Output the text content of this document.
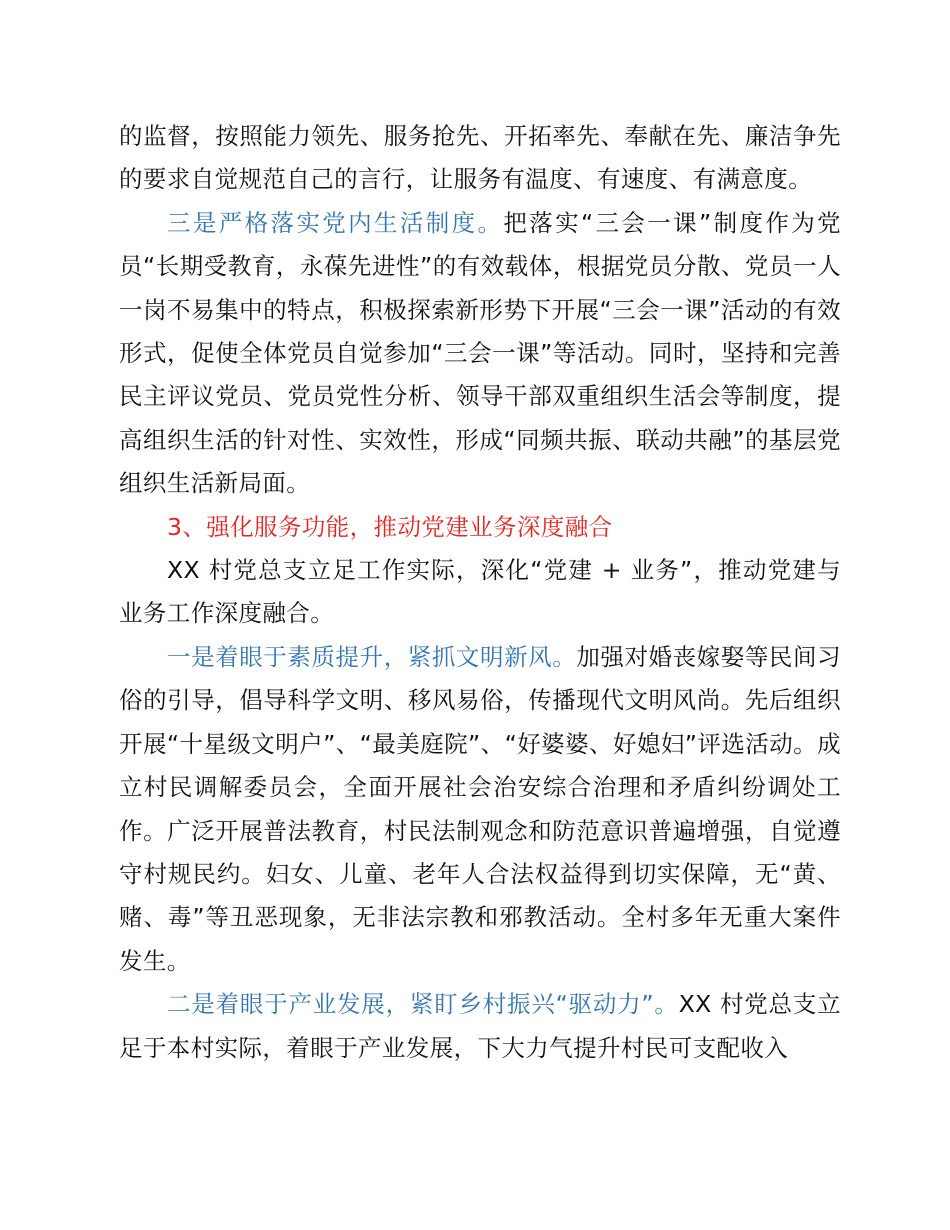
的监督，按照能力领先、服务抢先、开拓率先、奉献在先、廉洁争先的要求自觉规范自己的言行，让服务有温度、有速度、有满意度。

三是严格落实党内生活制度。把落实“三会一课”制度作为党员“长期受教育，永葆先进性”的有效载体，根据党员分散、党员一人一岗不易集中的特点，积极探索新形势下开展“三会一课”活动的有效形式，促使全体党员自觉参加“三会一课”等活动。同时，坚持和完善民主评议党员、党员党性分析、领导干部双重组织生活会等制度，提高组织生活的针对性、实效性，形成“同频共振、联动共融”的基层党组织生活新局面。

3、强化服务功能，推动党建业务深度融合

XX 村党总支立足工作实际，深化“党建 + 业务”，推动党建与业务工作深度融合。

一是着眼于素质提升，紧抓文明新风。加强对婚丧嫁娶等民间习俗的引导，倡导科学文明、移风易俗，传播现代文明风尚。先后组织开展“十星级文明户”、“最美庭院”、“好婆婆、好媳妇”评选活动。成立村民调解委员会，全面开展社会治安综合治理和矛盾纠纷调处工作。广泛开展普法教育，村民法制观念和防范意识普遍增强，自觉遵守村规民约。妇女、儿童、老年人合法权益得到切实保障，无“黄、赌、毒”等丑恶现象，无非法宗教和邪教活动。全村多年无重大案件发生。

二是着眼于产业发展，紧盯乡村振兴“驱动力”。XX 村党总支立足于本村实际，着眼于产业发展，下大力气提升村民可支配收入
